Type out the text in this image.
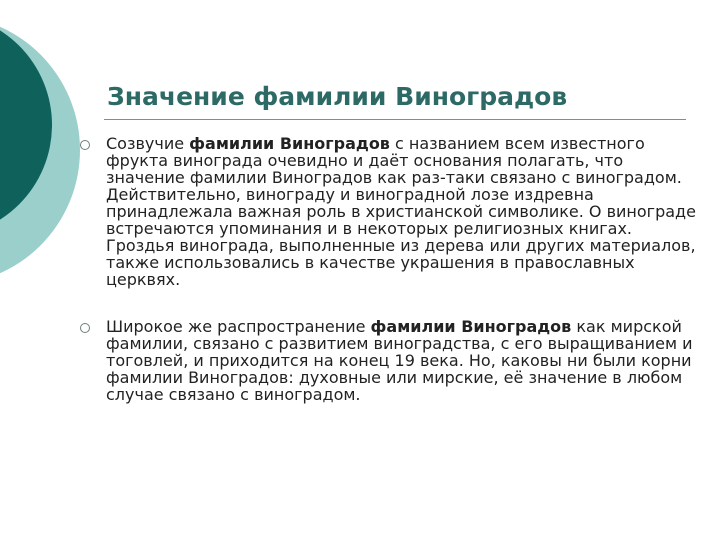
Значение фамилии Виноградов
Созвучие фамилии Виноградов с названием всем известного фрукта винограда очевидно и даёт основания полагать, что значение фамилии Виноградов как раз-таки связано с виноградом. Действительно, винограду и виноградной лозе издревна принадлежала важная роль в христианской символике. О винограде встречаются упоминания и в некоторых религиозных книгах. Гроздья винограда, выполненные из дерева или других материалов, также использовались в качестве украшения в православных церквях.
Широкое же распространение фамилии Виноградов как мирской фамилии, связано с развитием виноградства, с его выращиванием и тоговлей, и приходится на конец 19 века. Но, каковы ни были корни фамилии Виноградов: духовные или мирские, её значение в любом случае связано с виноградом.
